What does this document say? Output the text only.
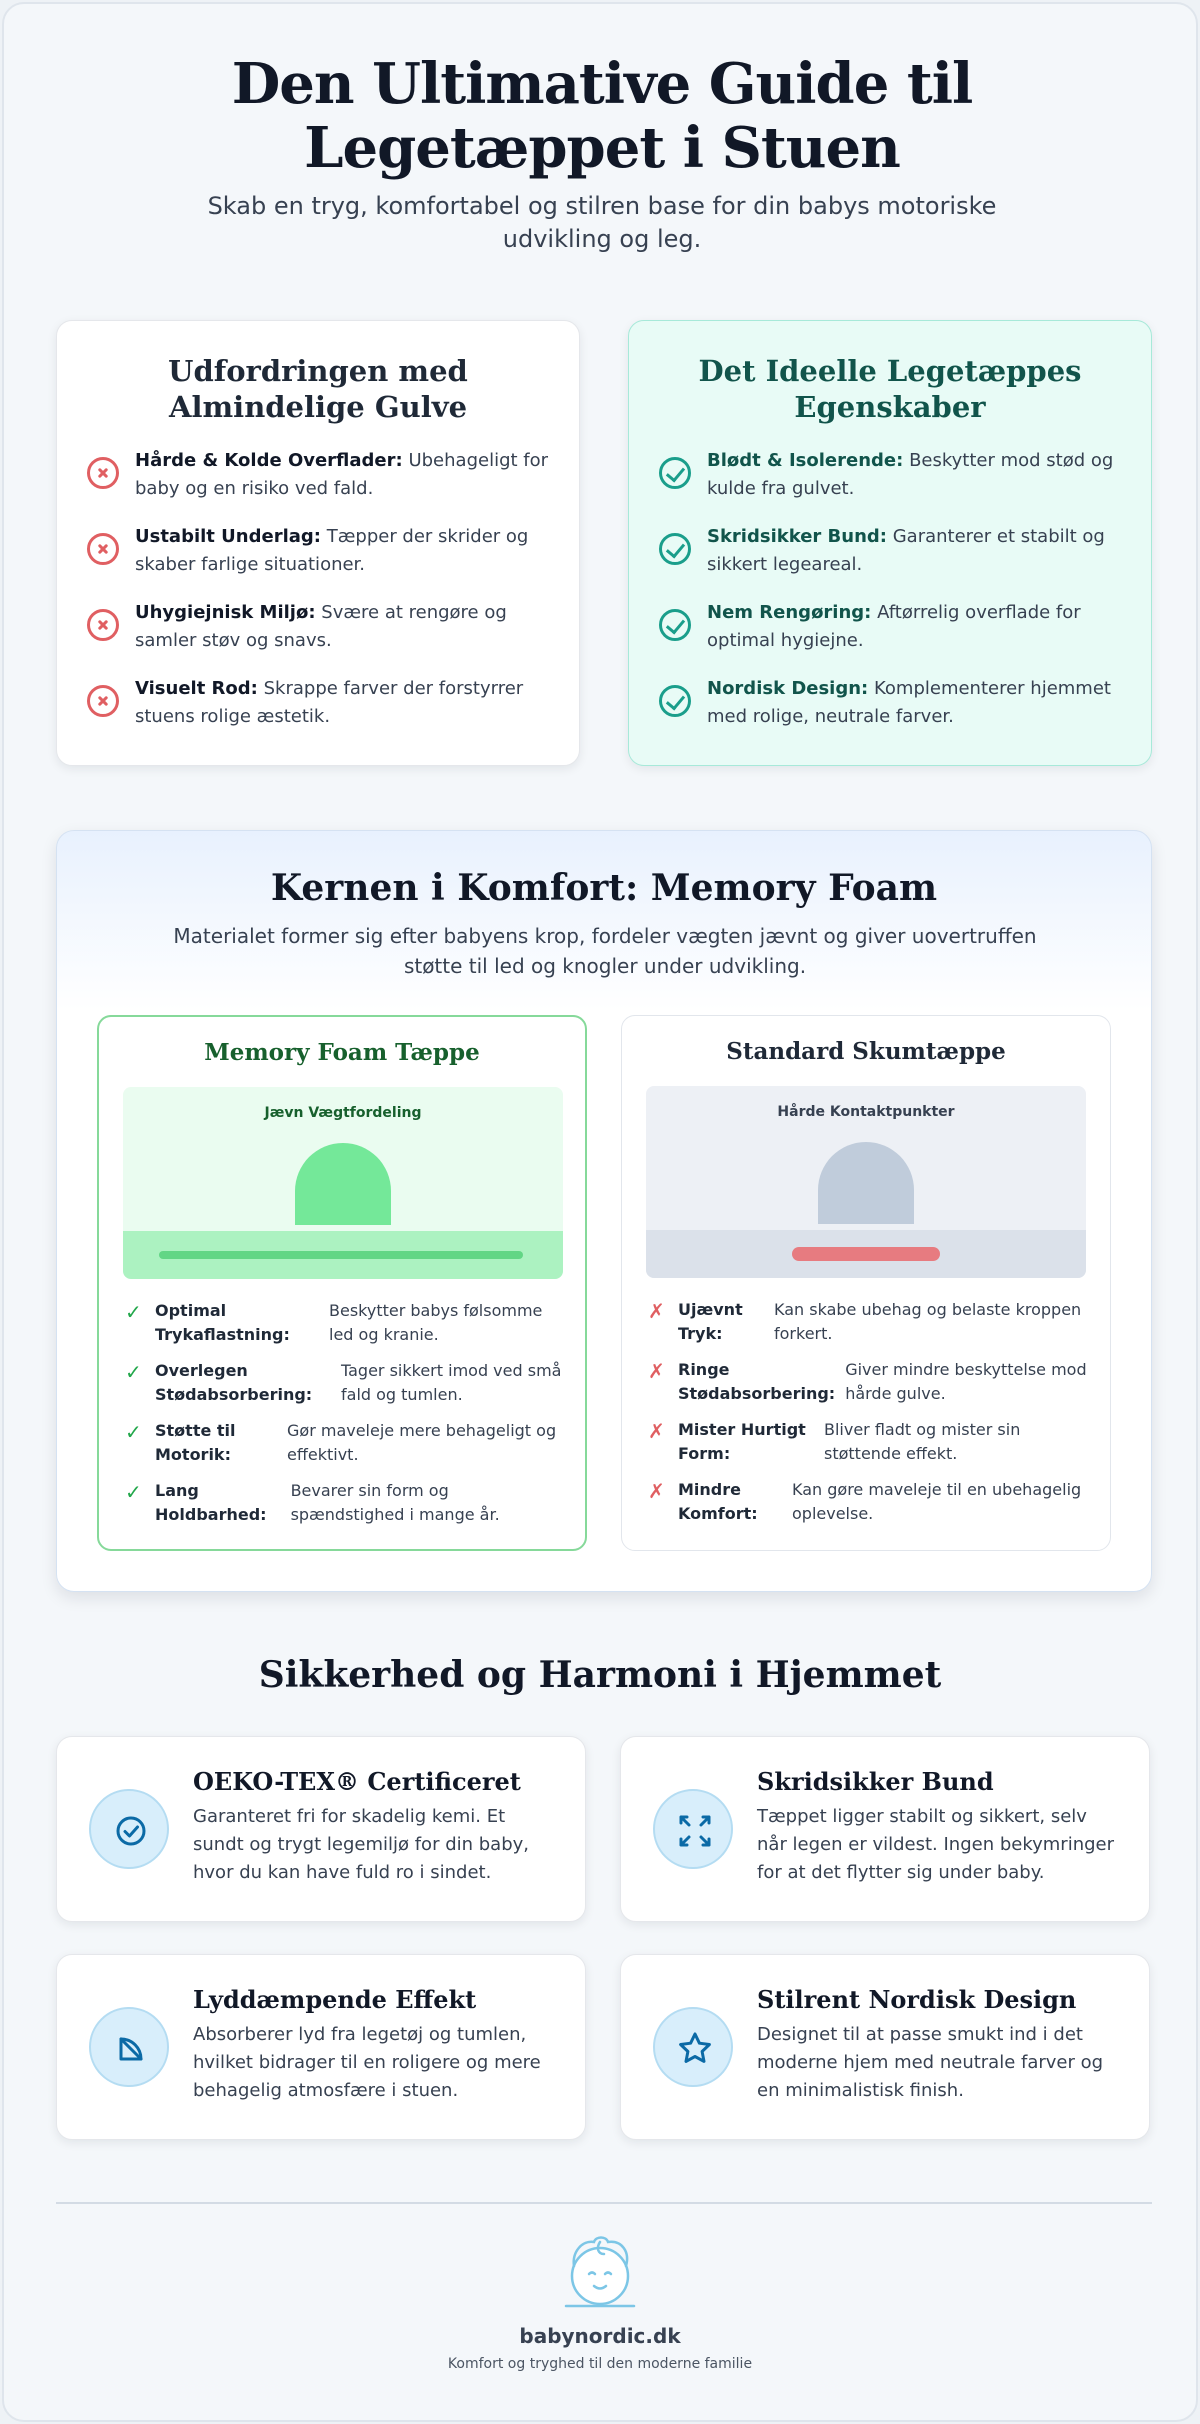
Den Ultimative Guide til Legetæppet i Stuen

Skab en tryg, komfortabel og stilren base for din babys motoriske udvikling og leg.

Udfordringen med Almindelige Gulve

Hårde & Kolde Overflader: Ubehageligt for baby og en risiko ved fald.

Ustabilt Underlag: Tæpper der skrider og skaber farlige situationer.

Uhygiejnisk Miljø: Svære at rengøre og samler støv og snavs.

Visuelt Rod: Skrappe farver der forstyrrer stuens rolige æstetik.

Det Ideelle Legetæppes Egenskaber

Blødt & Isolerende: Beskytter mod stød og kulde fra gulvet.

Skridsikker Bund: Garanterer et stabilt og sikkert legeareal.

Nem Rengøring: Aftørrelig overflade for optimal hygiejne.

Nordisk Design: Komplementerer hjemmet med rolige, neutrale farver.

Kernen i Komfort: Memory Foam

Materialet former sig efter babyens krop, fordeler vægten jævnt og giver uovertruffen støtte til led og knogler under udvikling.

Memory Foam Tæppe
Jævn Vægtfordeling
✓ Optimal Trykaflastning:
Beskytter babys følsomme led og kranie.
✓ Overlegen Stødabsorbering:
Tager sikkert imod ved små fald og tumlen.
✓ Støtte til Motorik:
Gør maveleje mere behageligt og effektivt.
✓ Lang Holdbarhed:
Bevarer sin form og spændstighed i mange år.
Standard Skumtæppe
Hårde Kontaktpunkter
✗ Ujævnt Tryk:
Kan skabe ubehag og belaste kroppen forkert.
✗ Ringe Stødabsorbering:
Giver mindre beskyttelse mod hårde gulve.
✗ Mister Hurtigt Form:
Bliver fladt og mister sin støttende effekt.
✗ Mindre Komfort:
Kan gøre maveleje til en ubehagelig oplevelse.
Sikkerhed og Harmoni i Hjemmet
OEKO-TEX® Certificeret

Garanteret fri for skadelig kemi. Et sundt og trygt legemiljø for din baby, hvor du kan have fuld ro i sindet.

Skridsikker Bund

Tæppet ligger stabilt og sikkert, selv når legen er vildest. Ingen bekymringer for at det flytter sig under baby.

Lyddæmpende Effekt

Absorberer lyd fra legetøj og tumlen, hvilket bidrager til en roligere og mere behagelig atmosfære i stuen.

Stilrent Nordisk Design

Designet til at passe smukt ind i det moderne hjem med neutrale farver og en minimalistisk finish.

babynordic.dk
Komfort og tryghed til den moderne familie
